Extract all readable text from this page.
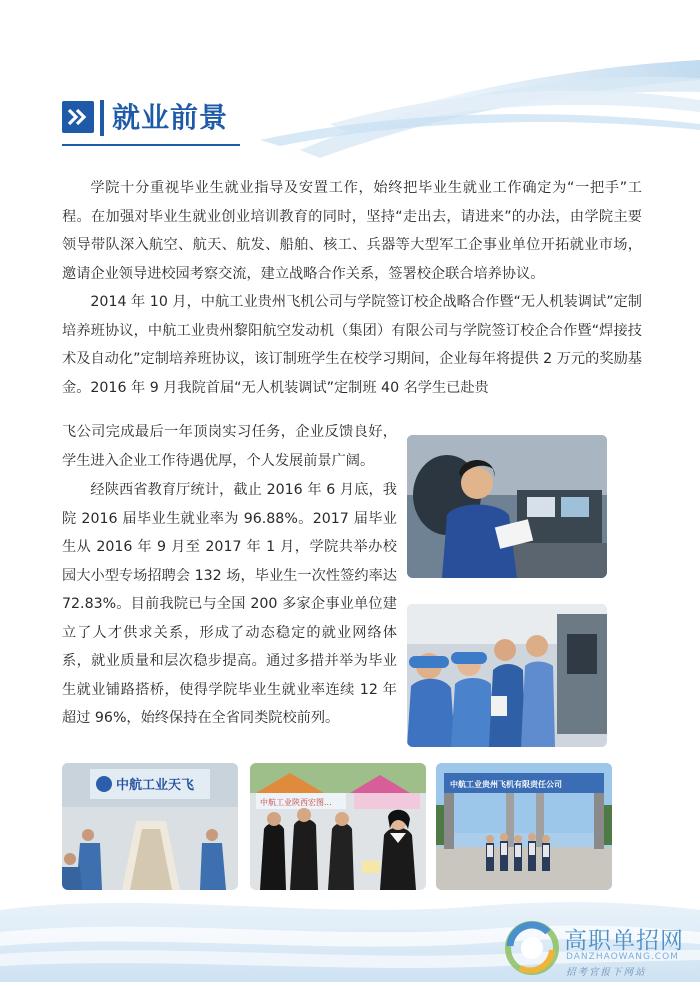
就业前景

学院十分重视毕业生就业指导及安置工作，始终把毕业生就业工作确定为“一把手”工程。在加强对毕业生就业创业培训教育的同时，坚持“走出去，请进来”的办法，由学院主要领导带队深入航空、航天、航发、船舶、核工、兵器等大型军工企事业单位开拓就业市场，邀请企业领导进校园考察交流，建立战略合作关系，签署校企联合培养协议。

2014 年 10 月，中航工业贵州飞机公司与学院签订校企战略合作暨“无人机装调试”定制培养班协议，中航工业贵州黎阳航空发动机（集团）有限公司与学院签订校企合作暨“焊接技术及自动化”定制培养班协议，该订制班学生在校学习期间，企业每年将提供 2 万元的奖励基金。2016 年 9 月我院首届“无人机装调试”定制班 40 名学生已赴贵

飞公司完成最后一年顶岗实习任务，企业反馈良好，学生进入企业工作待遇优厚，个人发展前景广阔。

经陕西省教育厅统计，截止 2016 年 6 月底，我院 2016 届毕业生就业率为 96.88%。2017 届毕业生从 2016 年 9 月至 2017 年 1 月，学院共举办校园大小型专场招聘会 132 场，毕业生一次性签约率达 72.83%。目前我院已与全国 200 多家企事业单位建立了人才供求关系，形成了动态稳定的就业网络体系，就业质量和层次稳步提高。通过多措并举为毕业生就业铺路搭桥，使得学院毕业生就业率连续 12 年超过 96%，始终保持在全省同类院校前列。

中航工业天飞
中航工业陕西宏图...
中航工业贵州飞机有限责任公司
高职单招网
DANZHAOWANG.COM
招考官报下网站
